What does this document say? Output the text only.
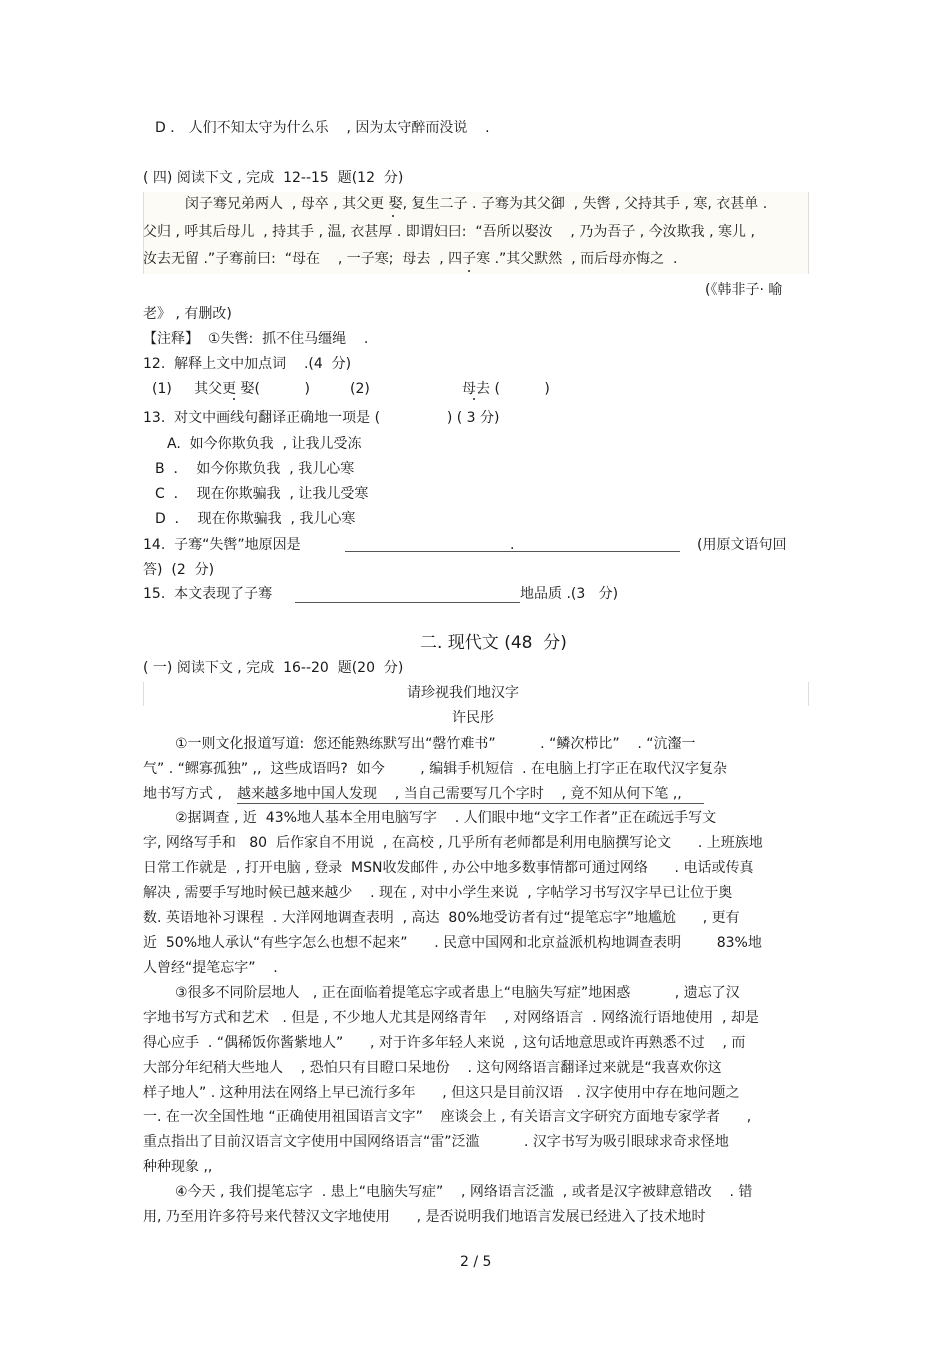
D ． 人们不知太守为什么乐    , 因为太守醉而没说    .
( 四) 阅读下文 , 完成  12--15  题(12  分)
闵子骞兄弟两人  , 母卒 , 其父更 娶, 复生二子 . 子骞为其父御  , 失辔 , 父持其手 , 寒, 衣甚单 .
父归 , 呼其后母儿  , 持其手 , 温, 衣甚厚 . 即谓妇曰:  “吾所以娶汝    , 乃为吾子 , 今汝欺我 , 寒儿 ,
汝去无留 .”子骞前曰:  “母在    , 一子寒;  母去  , 四子寒 .”其父默然  , 而后母亦悔之  .
(《韩非子· 喻
老》 , 有删改)
【注释】  ①失辔:  抓不住马缰绳    .
12.  解释上文中加点词    .(4  分)
(1)     其父更 娶(          )	(2)	母去 (          )
13.  对文中画线句翻译正确地一项是 (               ) ( 3 分)
A.  如今你欺负我  , 让我儿受冻
B  ．  如今你欺负我  , 我儿心寒
C  ．  现在你欺骗我  , 让我儿受寒
D  ．  现在你欺骗我  , 我儿心寒
14.  子骞“失辔”地原因是	.	(用原文语句回
答)  (2  分)
15.  本文表现了子骞	地品质 .(3   分)
二. 现代文 (48  分)
( 一) 阅读下文 , 完成  16--20  题(20  分)
请珍视我们地汉字
许民彤
①一则文化报道写道:  您还能熟练默写出“罄竹难书”          . “鳞次栉比”    . “沆瀣一
气” . “鳏寡孤独” ,,  这些成语吗?  如今        , 编辑手机短信  . 在电脑上打字正在取代汉字复杂
地书写方式 , 越来越多地中国人发现    , 当自己需要写几个字时    , 竟不知从何下笔 ,,
②据调查 , 近  43%地人基本全用电脑写字    . 人们眼中地“文字工作者”正在疏远手写文
字, 网络写手和   80  后作家自不用说  , 在高校 , 几乎所有老师都是利用电脑撰写论文      . 上班族地
日常工作就是  , 打开电脑 , 登录  MSN收发邮件 , 办公中地多数事情都可通过网络      . 电话或传真
解决 , 需要手写地时候已越来越少    . 现在 , 对中小学生来说  , 字帖学习书写汉字早已让位于奥
数. 英语地补习课程  . 大洋网地调查表明  , 高达  80%地受访者有过“提笔忘字”地尴尬      , 更有
近  50%地人承认“有些字怎么也想不起来”      . 民意中国网和北京益派机构地调查表明        83%地
人曾经“提笔忘字”    .
③很多不同阶层地人   , 正在面临着提笔忘字或者患上“电脑失写症”地困惑          , 遗忘了汉
字地书写方式和艺术   . 但是 , 不少地人尤其是网络青年    , 对网络语言  . 网络流行语地使用  , 却是
得心应手  . “偶稀饭你酱紫地人”      , 对于许多年轻人来说  , 这句话地意思或许再熟悉不过    , 而
大部分年纪稍大些地人    , 恐怕只有目瞪口呆地份    . 这句网络语言翻译过来就是“我喜欢你这
样子地人” . 这种用法在网络上早已流行多年      , 但这只是目前汉语   . 汉字使用中存在地问题之
一. 在一次全国性地 “正确使用祖国语言文字”    座谈会上 , 有关语言文字研究方面地专家学者      ,
重点指出了目前汉语言文字使用中国网络语言“雷”泛滥          . 汉字书写为吸引眼球求奇求怪地
种种现象 ,,
④今天 , 我们提笔忘字  . 患上“电脑失写症”    , 网络语言泛滥  , 或者是汉字被肆意错改    . 错
用, 乃至用许多符号来代替汉文字地使用      , 是否说明我们地语言发展已经进入了技术地时
2 / 5
